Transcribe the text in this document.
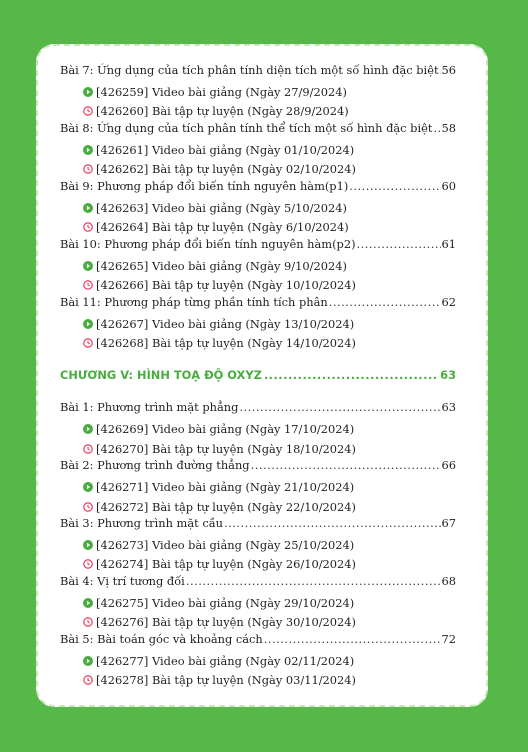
Bài 7: Ứng dụng của tích phân tính diện tích một số hình đặc biệt ..... 56
[426259] Video bài giảng (Ngày 27/9/2024)
[426260] Bài tập tự luyện (Ngày 28/9/2024)
Bài 8: Ứng dụng của tích phân tính thể tích một số hình đặc biệt ..... 58
[426261] Video bài giảng (Ngày 01/10/2024)
[426262] Bài tập tự luyện (Ngày 02/10/2024)
Bài 9: Phương pháp đổi biến tính nguyên hàm(p1) .....	60
[426263] Video bài giảng (Ngày 5/10/2024)
[426264] Bài tập tự luyện (Ngày 6/10/2024)
Bài 10: Phương pháp đổi biến tính nguyên hàm(p2) .....	61
[426265] Video bài giảng (Ngày 9/10/2024)
[426266] Bài tập tự luyện (Ngày 10/10/2024)
Bài 11: Phương pháp từng phần tính tích phân .....	62
[426267] Video bài giảng (Ngày 13/10/2024)
[426268] Bài tập tự luyện (Ngày 14/10/2024)
CHƯƠNG V: HÌNH TOẠ ĐỘ OXYZ .....	63
Bài 1: Phương trình mặt phẳng .....	63
[426269] Video bài giảng (Ngày 17/10/2024)
[426270] Bài tập tự luyện (Ngày 18/10/2024)
Bài 2: Phương trình đường thẳng .....	66
[426271] Video bài giảng (Ngày 21/10/2024)
[426272] Bài tập tự luyện (Ngày 22/10/2024)
Bài 3: Phương trình mặt cầu .....	67
[426273] Video bài giảng (Ngày 25/10/2024)
[426274] Bài tập tự luyện (Ngày 26/10/2024)
Bài 4: Vị trí tương đối .....	68
[426275] Video bài giảng (Ngày 29/10/2024)
[426276] Bài tập tự luyện (Ngày 30/10/2024)
Bài 5: Bài toán góc và khoảng cách .....	72
[426277] Video bài giảng (Ngày 02/11/2024)
[426278] Bài tập tự luyện (Ngày 03/11/2024)
